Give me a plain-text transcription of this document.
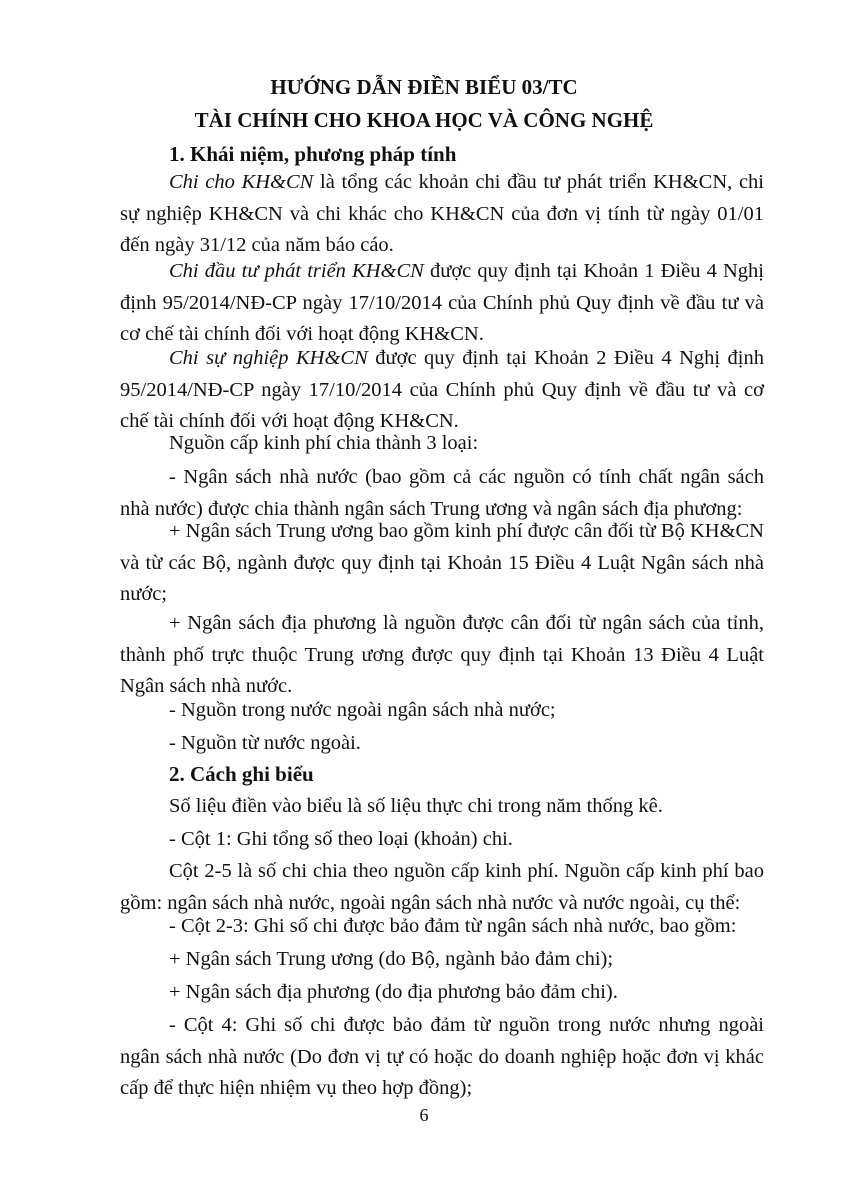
HƯỚNG DẪN ĐIỀN BIỂU 03/TC
TÀI CHÍNH CHO KHOA HỌC VÀ CÔNG NGHỆ
1. Khái niệm, phương pháp tính

Chi cho KH&CN là tổng các khoản chi đầu tư phát triển KH&CN, chi sự nghiệp KH&CN và chi khác cho KH&CN của đơn vị tính từ ngày 01/01 đến ngày 31/12 của năm báo cáo.

Chi đầu tư phát triển KH&CN được quy định tại Khoản 1 Điều 4 Nghị định 95/2014/NĐ-CP ngày 17/10/2014 của Chính phủ Quy định về đầu tư và cơ chế tài chính đối với hoạt động KH&CN.

Chi sự nghiệp KH&CN được quy định tại Khoản 2 Điều 4 Nghị định 95/2014/NĐ-CP ngày 17/10/2014 của Chính phủ Quy định về đầu tư và cơ chế tài chính đối với hoạt động KH&CN.

Nguồn cấp kinh phí chia thành 3 loại:

- Ngân sách nhà nước (bao gồm cả các nguồn có tính chất ngân sách nhà nước) được chia thành ngân sách Trung ương và ngân sách địa phương:

+ Ngân sách Trung ương bao gồm kinh phí được cân đối từ Bộ KH&CN và từ các Bộ, ngành được quy định tại Khoản 15 Điều 4 Luật Ngân sách nhà nước;

+ Ngân sách địa phương là nguồn được cân đối từ ngân sách của tỉnh, thành phố trực thuộc Trung ương được quy định tại Khoản 13 Điều 4 Luật Ngân sách nhà nước.

- Nguồn trong nước ngoài ngân sách nhà nước;

- Nguồn từ nước ngoài.

2. Cách ghi biểu

Số liệu điền vào biểu là số liệu thực chi trong năm thống kê.

- Cột 1: Ghi tổng số theo loại (khoản) chi.

Cột 2-5 là số chi chia theo nguồn cấp kinh phí. Nguồn cấp kinh phí bao gồm: ngân sách nhà nước, ngoài ngân sách nhà nước và nước ngoài, cụ thể:

- Cột 2-3: Ghi số chi được bảo đảm từ ngân sách nhà nước, bao gồm:

+ Ngân sách Trung ương (do Bộ, ngành bảo đảm chi);

+ Ngân sách địa phương (do địa phương bảo đảm chi).

- Cột 4: Ghi số chi được bảo đảm từ nguồn trong nước nhưng ngoài ngân sách nhà nước (Do đơn vị tự có hoặc do doanh nghiệp hoặc đơn vị khác cấp để thực hiện nhiệm vụ theo hợp đồng);

6
